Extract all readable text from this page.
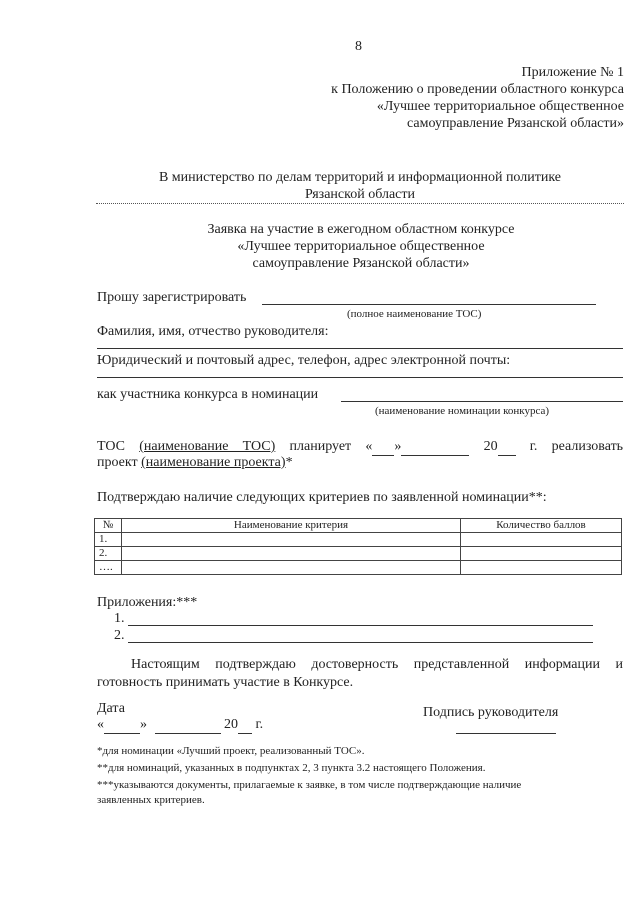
8
Приложение № 1
к Положению о проведении областного конкурса
«Лучшее территориальное общественное
самоуправление Рязанской области»
В министерство по делам территорий и информационной политике
Рязанской области
Заявка на участие в ежегодном областном конкурсе
«Лучшее территориальное общественное
самоуправление Рязанской области»
Прошу зарегистрировать
(полное наименование ТОС)
Фамилия, имя, отчество руководителя:
Юридический и почтовый адрес, телефон, адрес электронной почты:
как участника конкурса в номинации
(наименование номинации конкурса)
ТОС (наименование ТОС) планирует « »	20 г. реализовать
проект (наименование проекта)*
Подтверждаю наличие следующих критериев по заявленной номинации**:
№	Наименование критерия	Количество баллов
1.		
2.		
….		
Приложения:***
1.
2.
Настоящим подтверждаю достоверность представленной информации и
готовность принимать участие в Конкурсе.
Дата
«	»	20 г.
Подпись руководителя
*для номинации «Лучший проект, реализованный ТОС».
**для номинаций, указанных в подпунктах 2, 3 пункта 3.2 настоящего Положения.
***указываются документы, прилагаемые к заявке, в том числе подтверждающие наличие
заявленных критериев.
